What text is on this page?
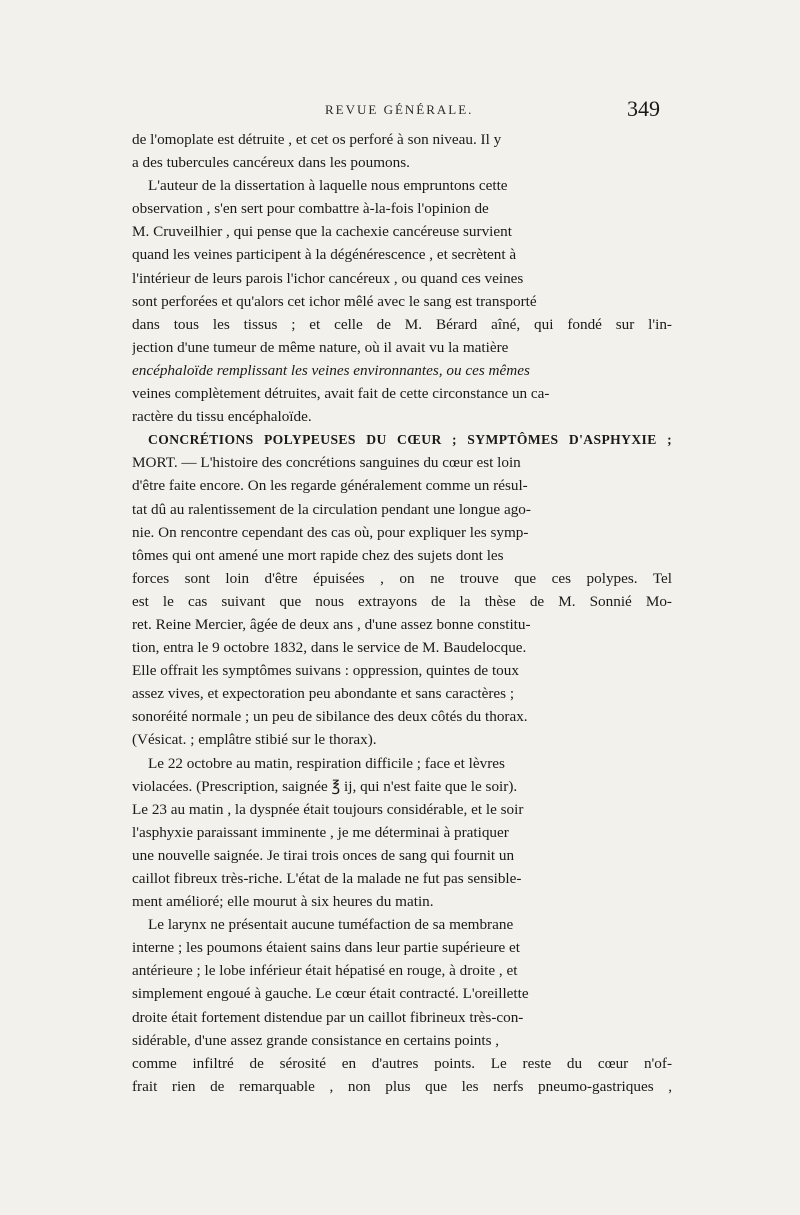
REVUE GÉNÉRALE.	349
de l'omoplate est détruite , et cet os perforé à son niveau. Il y
a des tubercules cancéreux dans les poumons.
L'auteur de la dissertation à laquelle nous empruntons cette
observation , s'en sert pour combattre à-la-fois l'opinion de
M. Cruveilhier , qui pense que la cachexie cancéreuse survient
quand les veines participent à la dégénérescence , et secrètent à
l'intérieur de leurs parois l'ichor cancéreux , ou quand ces veines
sont perforées et qu'alors cet ichor mêlé avec le sang est transporté
dans tous les tissus ; et celle de M. Bérard aîné, qui fondé sur l'in-
jection d'une tumeur de même nature, où il avait vu la matière
encéphaloïde remplissant les veines environnantes, ou ces mêmes
veines complètement détruites, avait fait de cette circonstance un ca-
ractère du tissu encéphaloïde.
CONCRÉTIONS POLYPEUSES DU CŒUR ; SYMPTÔMES D'ASPHYXIE ;
MORT. — L'histoire des concrétions sanguines du cœur est loin
d'être faite encore. On les regarde généralement comme un résul-
tat dû au ralentissement de la circulation pendant une longue ago-
nie. On rencontre cependant des cas où, pour expliquer les symp-
tômes qui ont amené une mort rapide chez des sujets dont les
forces sont loin d'être épuisées , on ne trouve que ces polypes. Tel
est le cas suivant que nous extrayons de la thèse de M. Sonnié Mo-
ret. Reine Mercier, âgée de deux ans , d'une assez bonne constitu-
tion, entra le 9 octobre 1832, dans le service de M. Baudelocque.
Elle offrait les symptômes suivans : oppression, quintes de toux
assez vives, et expectoration peu abondante et sans caractères ;
sonoréité normale ; un peu de sibilance des deux côtés du thorax.
(Vésicat. ; emplâtre stibié sur le thorax).
Le 22 octobre au matin, respiration difficile ; face et lèvres
violacées. (Prescription, saignée ℥ ij, qui n'est faite que le soir).
Le 23 au matin , la dyspnée était toujours considérable, et le soir
l'asphyxie paraissant imminente , je me déterminai à pratiquer
une nouvelle saignée. Je tirai trois onces de sang qui fournit un
caillot fibreux très-riche. L'état de la malade ne fut pas sensible-
ment amélioré; elle mourut à six heures du matin.
Le larynx ne présentait aucune tuméfaction de sa membrane
interne ; les poumons étaient sains dans leur partie supérieure et
antérieure ; le lobe inférieur était hépatisé en rouge, à droite , et
simplement engoué à gauche. Le cœur était contracté. L'oreillette
droite était fortement distendue par un caillot fibrineux très-con-
sidérable, d'une assez grande consistance en certains points ,
comme infiltré de sérosité en d'autres points. Le reste du cœur n'of-
frait rien de remarquable , non plus que les nerfs pneumo-gastriques ,
